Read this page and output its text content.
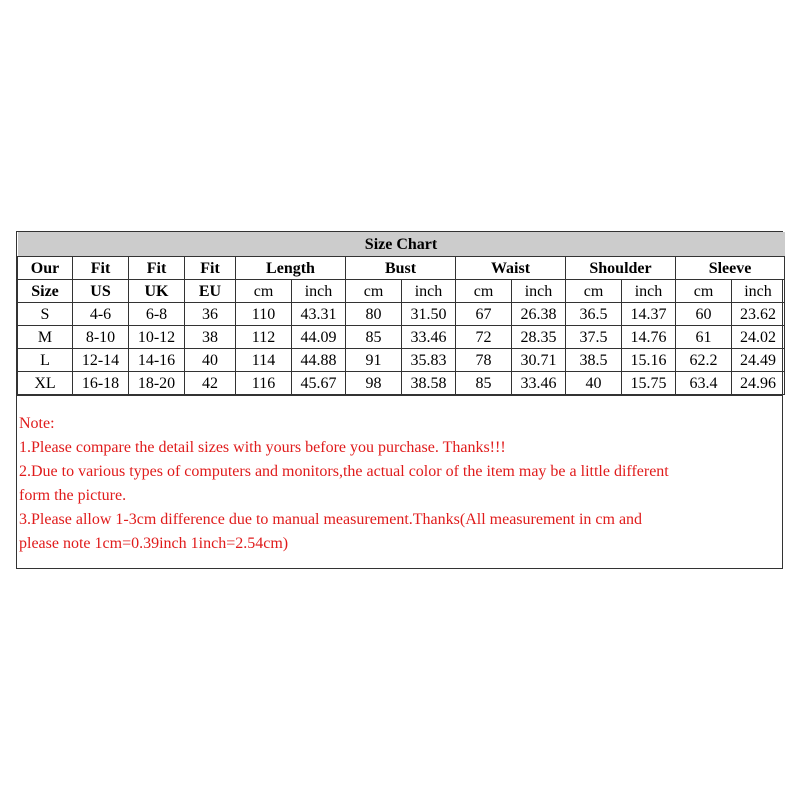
Size Chart													
Our	Fit	Fit	Fit	Length		Bust		Waist		Shoulder		Sleeve	
Size	US	UK	EU	cm	inch	cm	inch	cm	inch	cm	inch	cm	inch
S	4-6	6-8	36	110	43.31	80	31.50	67	26.38	36.5	14.37	60	23.62
M	8-10	10-12	38	112	44.09	85	33.46	72	28.35	37.5	14.76	61	24.02
L	12-14	14-16	40	114	44.88	91	35.83	78	30.71	38.5	15.16	62.2	24.49
XL	16-18	18-20	42	116	45.67	98	38.58	85	33.46	40	15.75	63.4	24.96
Note:
1.Please compare the detail sizes with yours before you purchase. Thanks!!!
2.Due to various types of computers and monitors,the actual color of the item may be a little different
form the picture.
3.Please allow 1-3cm difference due to manual measurement.Thanks(All measurement in cm and
please note 1cm=0.39inch 1inch=2.54cm)
